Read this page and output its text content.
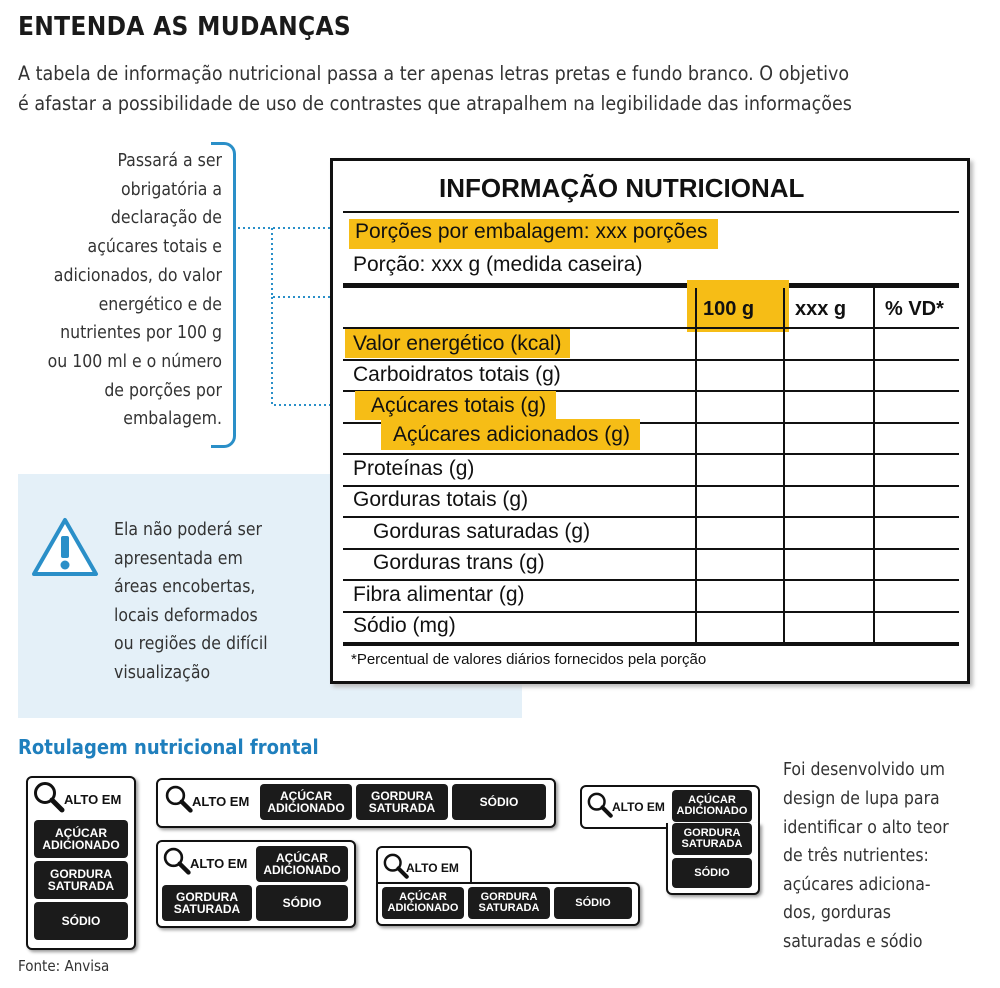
ENTENDA AS MUDANÇAS
A tabela de informação nutricional passa a ter apenas letras pretas e fundo branco. O objetivo
é afastar a possibilidade de uso de contrastes que atrapalhem na legibilidade das informações
Passará a ser
obrigatória a
declaração de
açúcares totais e
adicionados, do valor
energético e de
nutrientes por 100 g
ou 100 ml e o número
de porções por
embalagem.
Ela não poderá ser
apresentada em
áreas encobertas,
locais deformados
ou regiões de difícil
visualização
INFORMAÇÃO NUTRICIONAL
Porções por embalagem: xxx porções
Porção: xxx g (medida caseira)
100 g xxx g % VD*
Valor energético (kcal)
Carboidratos totais (g)
Açúcares totais (g)
Açúcares adicionados (g)
Proteínas (g)
Gorduras totais (g)
Gorduras saturadas (g)
Gorduras trans (g)
Fibra alimentar (g)
Sódio (mg)
*Percentual de valores diários fornecidos pela porção
Rotulagem nutricional frontal
ALTO EM
AÇÚCAR
ADICIONADO
GORDURA
SATURADA
SÓDIO
ALTO EM	AÇÚCAR
ADICIONADO
GORDURA
SATURADA	SÓDIO
ALTO EM AÇÚCAR
ADICIONADO
GORDURA
SATURADA	SÓDIO
ALTO EM
AÇÚCAR
ADICIONADO
GORDURA
SATURADA	SÓDIO
ALTO EM AÇÚCAR
ADICIONADO
GORDURA
SATURADA
SÓDIO
Foi desenvolvido um
design de lupa para
identificar o alto teor
de três nutrientes:
açúcares adiciona-
dos, gorduras
saturadas e sódio
Fonte: Anvisa
